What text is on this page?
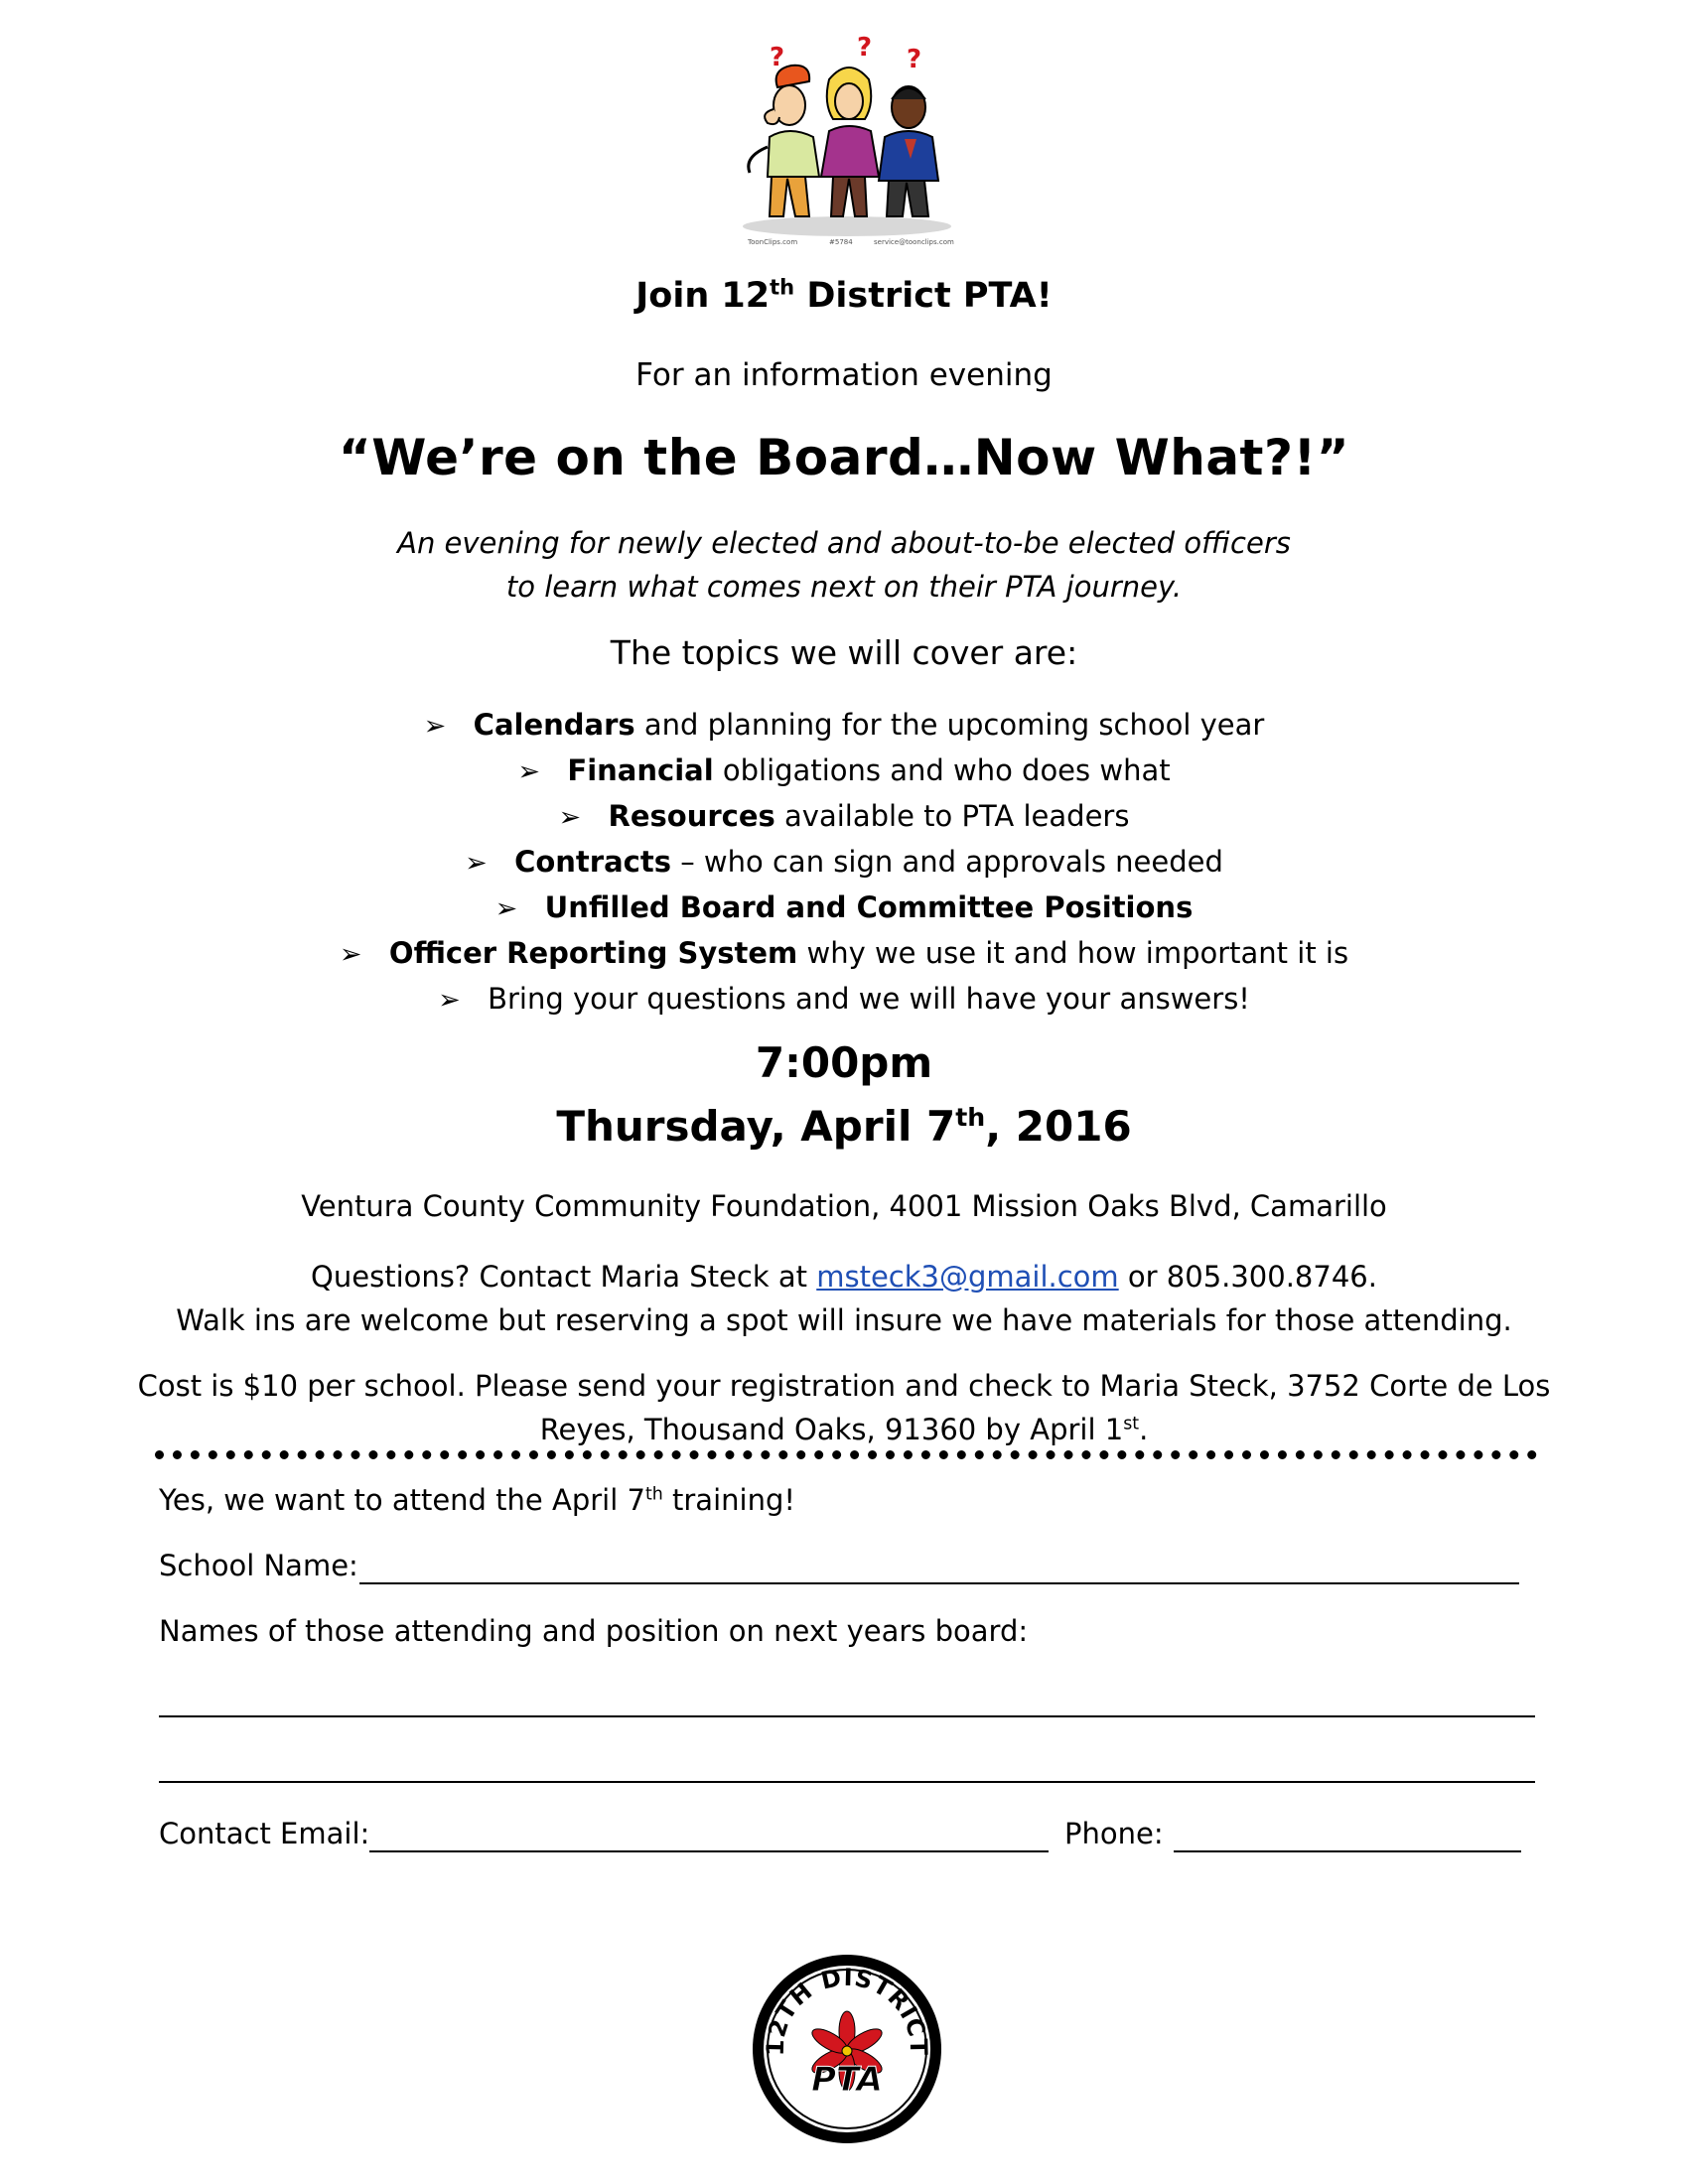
?	? ?
ToonClips.com	#5784	service@toonclips.com
Join 12th District PTA!
For an information evening
“We’re on the Board…Now What?!”
An evening for newly elected and about-to-be elected officers
to learn what comes next on their PTA journey.
The topics we will cover are:
➢ Calendars and planning for the upcoming school year
➢ Financial obligations and who does what
➢ Resources available to PTA leaders
➢ Contracts – who can sign and approvals needed
➢ Unfilled Board and Committee Positions
➢ Officer Reporting System why we use it and how important it is
➢ Bring your questions and we will have your answers!
7:00pm
Thursday, April 7th, 2016
Ventura County Community Foundation, 4001 Mission Oaks Blvd, Camarillo
Questions? Contact Maria Steck at msteck3@gmail.com or 805.300.8746.
Walk ins are welcome but reserving a spot will insure we have materials for those attending.
Cost is $10 per school. Please send your registration and check to Maria Steck, 3752 Corte de Los
Reyes, Thousand Oaks, 91360 by April 1st.
Yes, we want to attend the April 7th training!
School Name:
Names of those attending and position on next years board:
Contact Email:	Phone:
12TH DISTRICT
PTA
